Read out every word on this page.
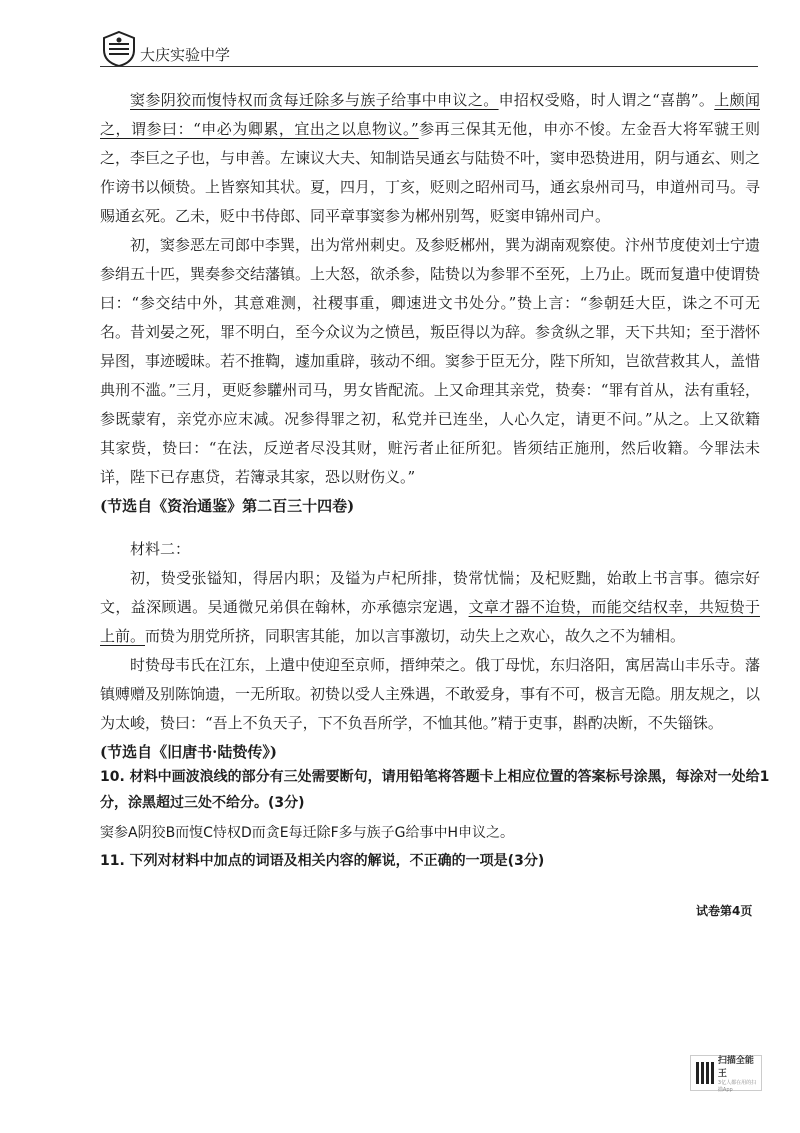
大庆实验中学

窦参阴狡而愎恃权而贪每迁除多与族子给事中申议之。申招权受赂，时人谓之“喜鹊”。上颇闻之，谓参曰：“申必为卿累，宜出之以息物议。”参再三保其无他，申亦不悛。左金吾大将军虢王则之，李巨之子也，与申善。左谏议大夫、知制诰吴通玄与陆贽不叶，窦申恐贽进用，阴与通玄、则之作谤书以倾贽。上皆察知其状。夏，四月，丁亥，贬则之昭州司马，通玄泉州司马，申道州司马。寻赐通玄死。乙未，贬中书侍郎、同平章事窦参为郴州别驾，贬窦申锦州司户。

初，窦参恶左司郎中李巽，出为常州刺史。及参贬郴州，巽为湖南观察使。汴州节度使刘士宁遗参绢五十匹，巽奏参交结藩镇。上大怒，欲杀参，陆贽以为参罪不至死，上乃止。既而复遣中使谓贽曰：“参交结中外，其意难测，社稷事重，卿速进文书处分。”贽上言：“参朝廷大臣，诛之不可无名。昔刘晏之死，罪不明白，至今众议为之愤邑，叛臣得以为辞。参贪纵之罪，天下共知；至于潜怀异图，事迹暧昧。若不推鞫，遽加重辟，骇动不细。窦参于臣无分，陛下所知，岂欲营救其人，盖惜典刑不滥。”三月，更贬参驩州司马，男女皆配流。上又命理其亲党，贽奏：“罪有首从，法有重轻，参既蒙宥，亲党亦应末减。况参得罪之初，私党并已连坐，人心久定，请更不问。”从之。上又欲籍其家赀，贽曰：“在法，反逆者尽没其财，赃污者止征所犯。皆须结正施刑，然后收籍。今罪法未详，陛下已存惠贷，若簿录其家，恐以财伤义。”

(节选自《资治通鉴》第二百三十四卷)

材料二：

初，贽受张镒知，得居内职；及镒为卢杞所排，贽常忧惴；及杞贬黜，始敢上书言事。德宗好文，益深顾遇。吴通微兄弟俱在翰林，亦承德宗宠遇，文章才器不迨贽，而能交结权幸，共短贽于上前。而贽为朋党所挤，同职害其能，加以言事激切，动失上之欢心，故久之不为辅相。

时贽母韦氏在江东，上遣中使迎至京师，搢绅荣之。俄丁母忧，东归洛阳，寓居嵩山丰乐寺。藩镇赙赠及别陈饷遗，一无所取。初贽以受人主殊遇，不敢爱身，事有不可，极言无隐。朋友规之，以为太峻，贽曰：“吾上不负天子，下不负吾所学，不恤其他。”精于吏事，斟酌决断，不失锱铢。

(节选自《旧唐书·陆贽传》)

10. 材料中画波浪线的部分有三处需要断句，请用铅笔将答题卡上相应位置的答案标号涂黑，每涂对一处给1分，涂黑超过三处不给分。(3分)
窦参A阴狡B而愎C恃权D而贪E每迁除F多与族子G给事中H申议之。
11. 下列对材料中加点的词语及相关内容的解说，不正确的一项是(3分)
试卷第4页
扫描全能王
3亿人都在用的扫描App
